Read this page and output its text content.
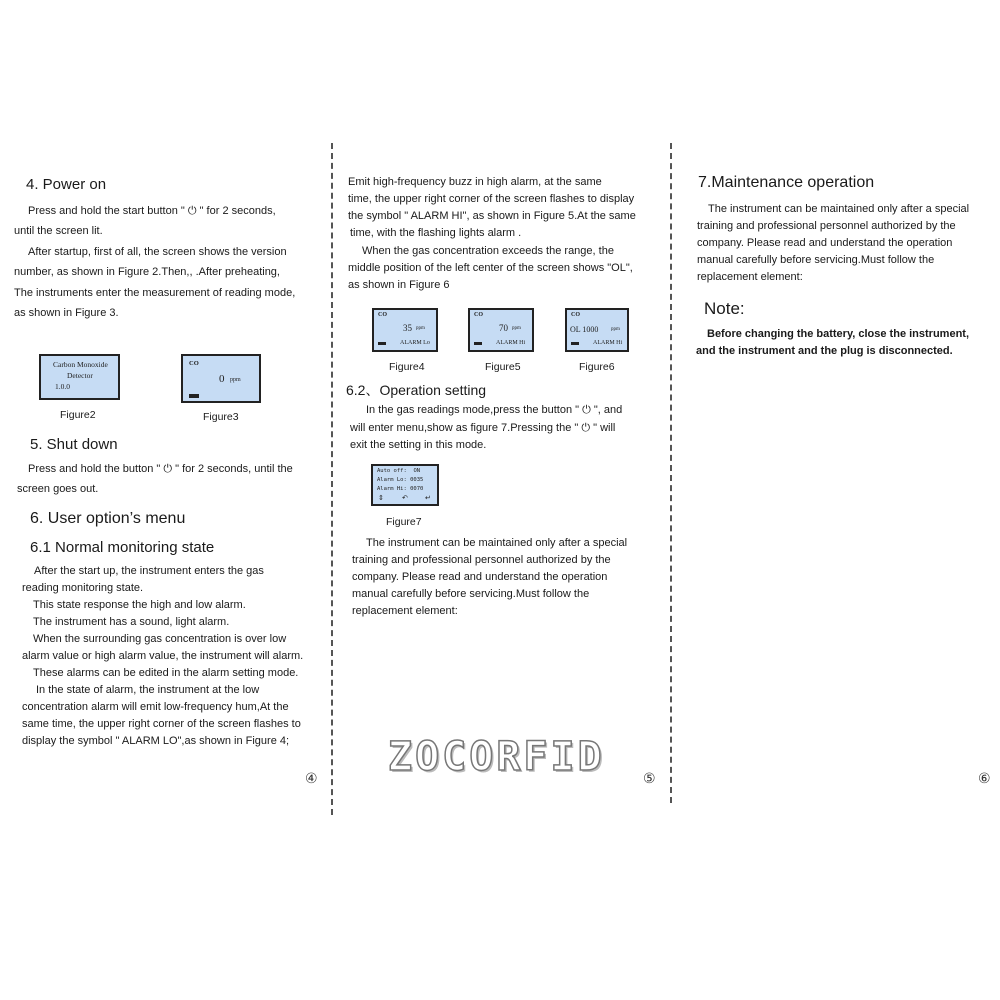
4. Power on
Press and hold the start button " ⏻ " for 2 seconds,
until the screen lit.
After startup, first of all, the screen shows the version
number, as shown in Figure 2.Then,, .After preheating,
The instruments enter the measurement of reading mode,
as shown in Figure 3.
Carbon Monoxide
Detector
1.0.0
Figure2
CO
0 ppm
Figure3
5. Shut down
Press and hold the button " ⏻ " for 2 seconds, until the
screen goes out.
6. User option’s menu
6.1 Normal monitoring state
After the start up, the instrument enters the gas
reading monitoring state.
This state response the high and low alarm.
The instrument has a sound, light alarm.
When the surrounding gas concentration is over low
alarm value or high alarm value, the instrument will alarm.
These alarms can be edited in the alarm setting mode.
In the state of alarm, the instrument at the low
concentration alarm will emit low-frequency hum,At the
same time, the upper right corner of the screen flashes to
display the symbol " ALARM LO",as shown in Figure 4;
④
Emit high-frequency buzz in high alarm, at the same
time, the upper right corner of the screen flashes to display
the symbol " ALARM HI", as shown in Figure 5.At the same
time, with the flashing lights alarm .
When the gas concentration exceeds the range, the
middle position of the left center of the screen shows "OL",
as shown in Figure 6
CO
35 ppm
ALARM Lo
Figure4
CO
70 ppm
ALARM Hi
Figure5
CO
OL 1000	ppm
ALARM Hi
Figure6
6.2、Operation setting
In the gas readings mode,press the button " ⏻ ", and
will enter menu,show as figure 7.Pressing the " ⏻ " will
exit the setting in this mode.
Auto off: ON
Alarm Lo: 0035
Alarm Hi: 0070
⇕	↶ ↵
Figure7
The instrument can be maintained only after a special
training and professional personnel authorized by the
company. Please read and understand the operation
manual carefully before servicing.Must follow the
replacement element:
ZOCORFID	⑤
7.Maintenance operation
The instrument can be maintained only after a special
training and professional personnel authorized by the
company. Please read and understand the operation
manual carefully before servicing.Must follow the
replacement element:
Note:
Before changing the battery, close the instrument,
and the instrument and the plug is disconnected.
⑥
